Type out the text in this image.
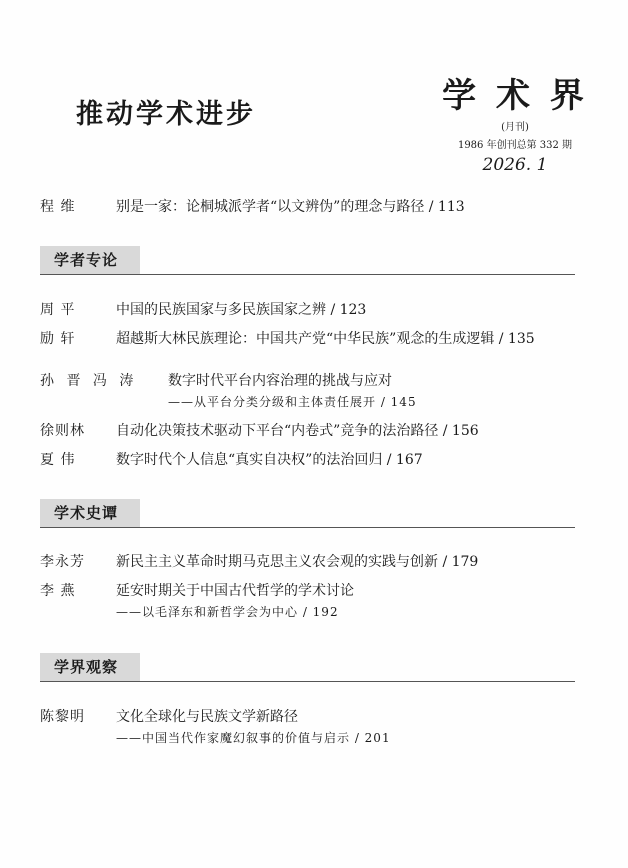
推动学术进步	学 术 界
(月刊)
1986 年创刊总第 332 期
2026. 1
程 维	别是一家：论桐城派学者“以文辨伪”的理念与路径 / 113
学者专论
周 平	中国的民族国家与多民族国家之辨 / 123
励 轩	超越斯大林民族理论：中国共产党“中华民族”观念的生成逻辑 / 135
孙 晋 冯 涛	数字时代平台内容治理的挑战与应对
——从平台分类分级和主体责任展开 / 145
徐则林	自动化决策技术驱动下平台“内卷式”竞争的法治路径 / 156
夏 伟	数字时代个人信息“真实自决权”的法治回归 / 167
学术史谭
李永芳	新民主主义革命时期马克思主义农会观的实践与创新 / 179
李 燕	延安时期关于中国古代哲学的学术讨论
——以毛泽东和新哲学会为中心 / 192
学界观察
陈黎明	文化全球化与民族文学新路径
——中国当代作家魔幻叙事的价值与启示 / 201
